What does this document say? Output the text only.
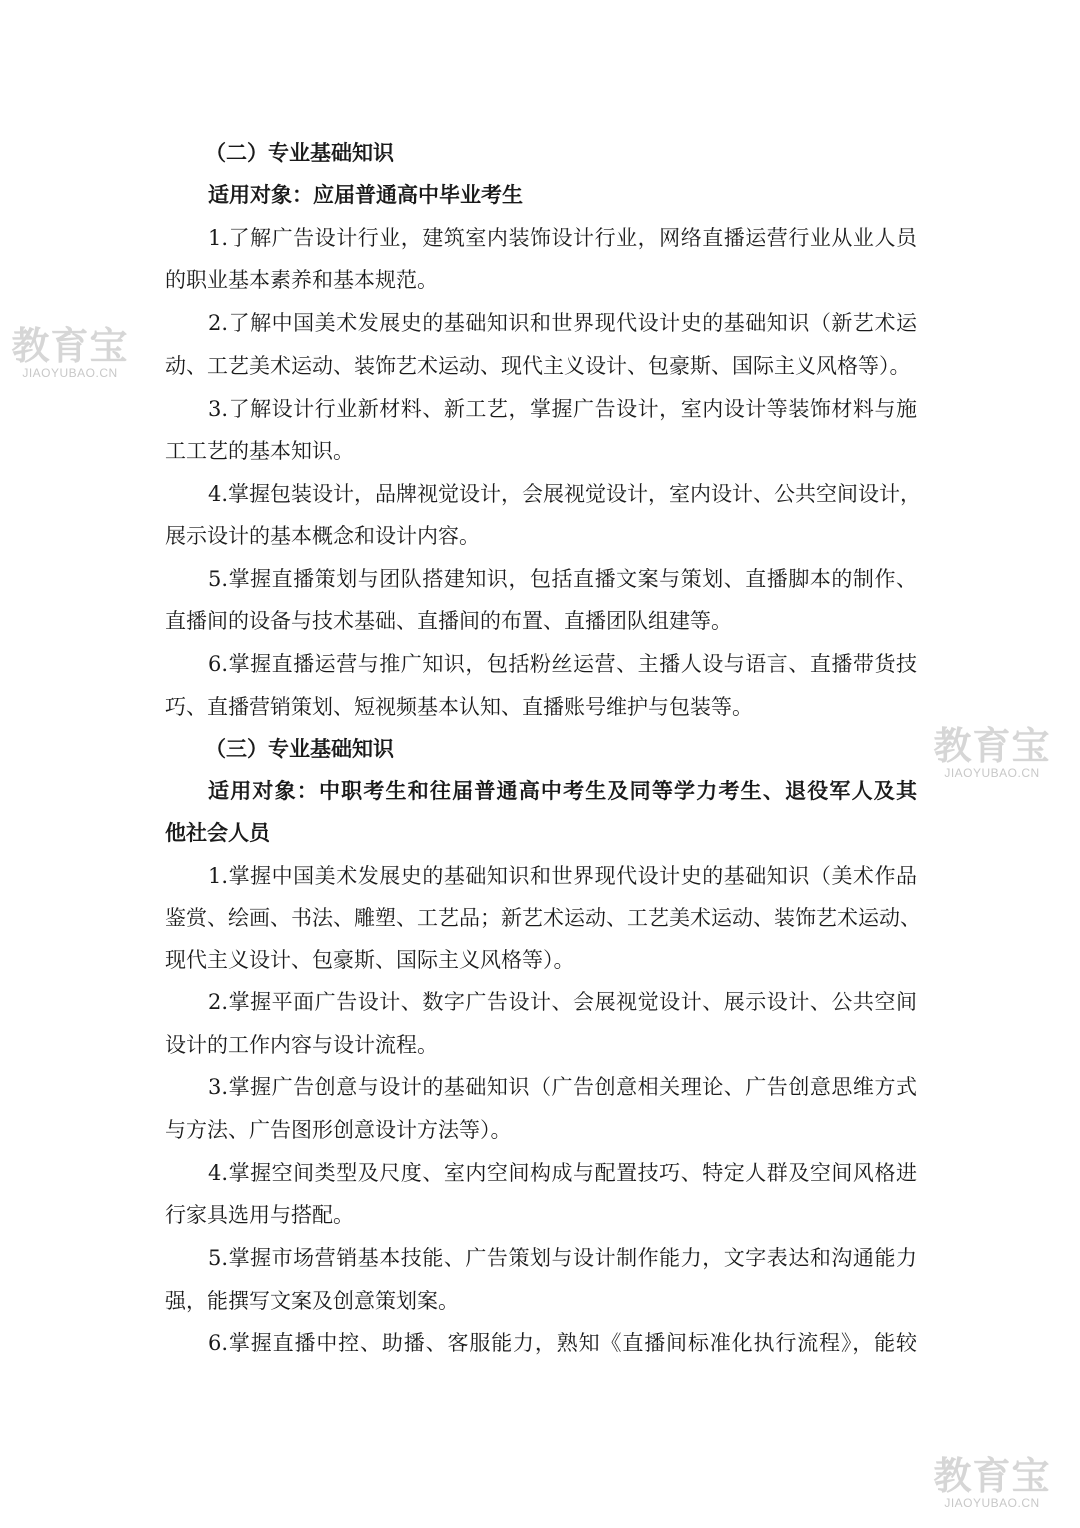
教育宝
JIAOYUBAO.CN
教育宝
JIAOYUBAO.CN
教育宝
JIAOYUBAO.CN
（二）专业基础知识
适用对象：应届普通高中毕业考生
1.了解广告设计行业，建筑室内装饰设计行业，网络直播运营行业从业人员
的职业基本素养和基本规范。
2.了解中国美术发展史的基础知识和世界现代设计史的基础知识（新艺术运
动、工艺美术运动、装饰艺术运动、现代主义设计、包豪斯、国际主义风格等）。
3.了解设计行业新材料、新工艺，掌握广告设计，室内设计等装饰材料与施
工工艺的基本知识。
4.掌握包装设计，品牌视觉设计，会展视觉设计，室内设计、公共空间设计，
展示设计的基本概念和设计内容。
5.掌握直播策划与团队搭建知识，包括直播文案与策划、直播脚本的制作、
直播间的设备与技术基础、直播间的布置、直播团队组建等。
6.掌握直播运营与推广知识，包括粉丝运营、主播人设与语言、直播带货技
巧、直播营销策划、短视频基本认知、直播账号维护与包装等。
（三）专业基础知识
适用对象：中职考生和往届普通高中考生及同等学力考生、退役军人及其
他社会人员
1.掌握中国美术发展史的基础知识和世界现代设计史的基础知识（美术作品
鉴赏、绘画、书法、雕塑、工艺品；新艺术运动、工艺美术运动、装饰艺术运动、
现代主义设计、包豪斯、国际主义风格等）。
2.掌握平面广告设计、数字广告设计、会展视觉设计、展示设计、公共空间
设计的工作内容与设计流程。
3.掌握广告创意与设计的基础知识（广告创意相关理论、广告创意思维方式
与方法、广告图形创意设计方法等）。
4.掌握空间类型及尺度、室内空间构成与配置技巧、特定人群及空间风格进
行家具选用与搭配。
5.掌握市场营销基本技能、广告策划与设计制作能力，文字表达和沟通能力
强，能撰写文案及创意策划案。
6.掌握直播中控、助播、客服能力，熟知《直播间标准化执行流程》，能较
